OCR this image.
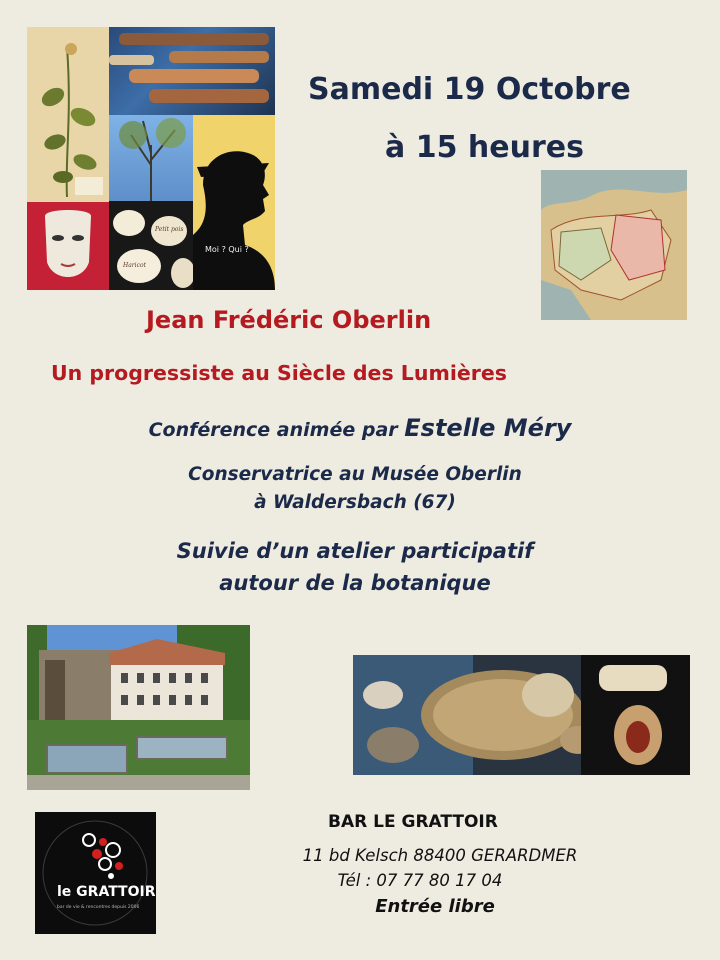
Moi ? Qui ?
Petit pois
Haricot
Samedi 19 Octobre
à 15 heures
Jean Frédéric Oberlin
Un progressiste au Siècle des Lumières
Conférence animée par Estelle Méry
Conservatrice au Musée Oberlin
à Waldersbach (67)
Suivie d’un atelier participatif
autour de la botanique
le GRATTOIR
bar de vie & rencontres depuis 2006
BAR LE GRATTOIR
11 bd Kelsch 88400 GERARDMER
Tél : 07 77 80 17 04
Entrée libre
